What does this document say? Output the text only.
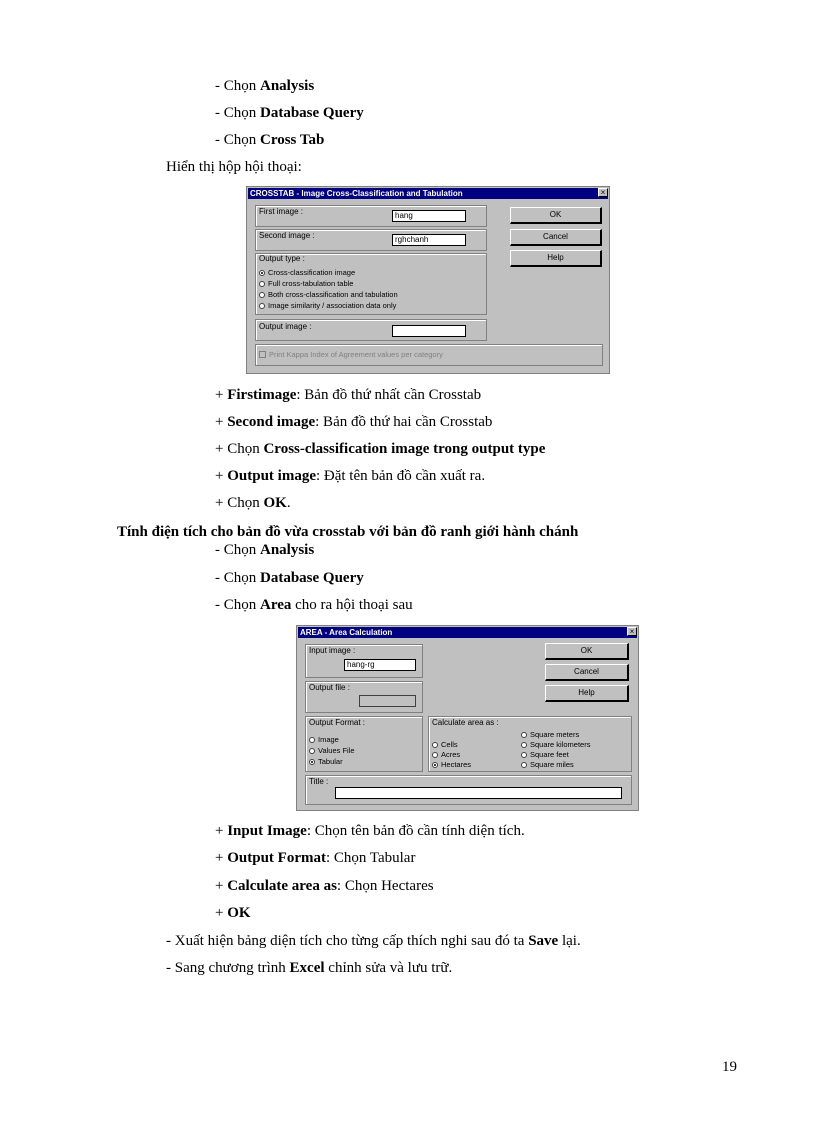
- Chọn Analysis
- Chọn Database Query
- Chọn Cross Tab
Hiển thị hộp hội thoại:
CROSSTAB - Image Cross-Classification and Tabulation	×
First image :	hang
Second image :	rghchanh
Output type :
Cross-classification image
Full cross-tabulation table
Both cross-classification and tabulation
Image similarity / association data only
Output image :
Print Kappa Index of Agreement values per category
OK
Cancel
Help
+ Firstimage: Bản đồ thứ nhất cần Crosstab
+ Second image: Bản đồ thứ hai cần Crosstab
+ Chọn Cross-classification image trong output type
+ Output image: Đặt tên bản đồ cần xuất ra.
+ Chọn OK.
Tính điện tích cho bản đồ vừa crosstab với bản đồ ranh giới hành chánh
- Chọn Analysis
- Chọn Database Query
- Chọn Area cho ra hội thoại sau
AREA - Area Calculation	×
Input image :
hang-rg
Output file :
Output Format :
Image
Values File
Tabular
Calculate area as :
Cells
Acres
Hectares
Square meters
Square kilometers
Square feet
Square miles
Title :
OK
Cancel
Help
+ Input Image: Chọn tên bản đồ cần tính diện tích.
+ Output Format: Chọn Tabular
+ Calculate area as: Chọn Hectares
+ OK
- Xuất hiện bảng diện tích cho từng cấp thích nghi sau đó ta Save lại.
- Sang chương trình Excel chỉnh sửa và lưu trữ.
19
